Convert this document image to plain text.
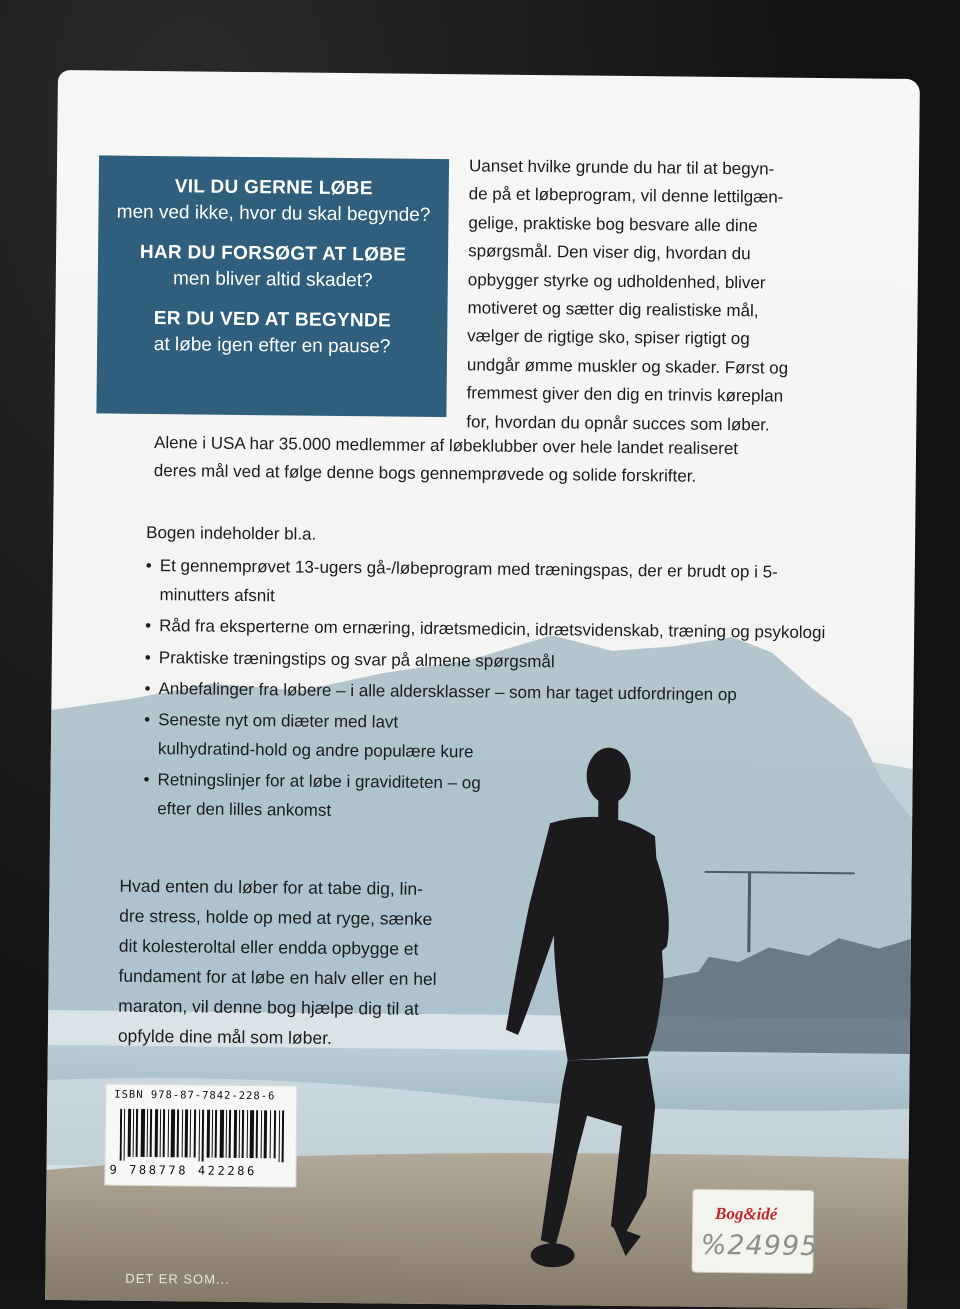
VIL DU GERNE LØBE
men ved ikke, hvor du skal begynde?
HAR DU FORSØGT AT LØBE
men bliver altid skadet?
ER DU VED AT BEGYNDE
at løbe igen efter en pause?
Uanset hvilke grunde du har til at begyn-
de på et løbeprogram, vil denne lettilgæn-
gelige, praktiske bog besvare alle dine
spørgsmål. Den viser dig, hvordan du
opbygger styrke og udholdenhed, bliver
motiveret og sætter dig realistiske mål,
vælger de rigtige sko, spiser rigtigt og
undgår ømme muskler og skader. Først og
fremmest giver den dig en trinvis køreplan
for, hvordan du opnår succes som løber.
Alene i USA har 35.000 medlemmer af løbeklubber over hele landet realiseret
deres mål ved at følge denne bogs gennemprøvede og solide forskrifter.
Bogen indeholder bl.a.
• Et gennemprøvet 13-ugers gå-/løbeprogram med træningspas, der er brudt op i 5-minutters afsnit
• Råd fra eksperterne om ernæring, idrætsmedicin, idrætsvidenskab, træning og psykologi
• Praktiske træningstips og svar på almene spørgsmål
• Anbefalinger fra løbere – i alle aldersklasser – som har taget udfordringen op
• Seneste nyt om diæter med lavt kulhydratind-hold og andre populære kure
• Retningslinjer for at løbe i graviditeten – og efter den lilles ankomst
Hvad enten du løber for at tabe dig, lin-
dre stress, holde op med at ryge, sænke
dit kolesteroltal eller endda opbygge et
fundament for at løbe en halv eller en hel
maraton, vil denne bog hjælpe dig til at
opfylde dine mål som løber.
ISBN 978-87-7842-228-6
9 788778 422286
Bog&idé
%24995
DET ER SOM...
